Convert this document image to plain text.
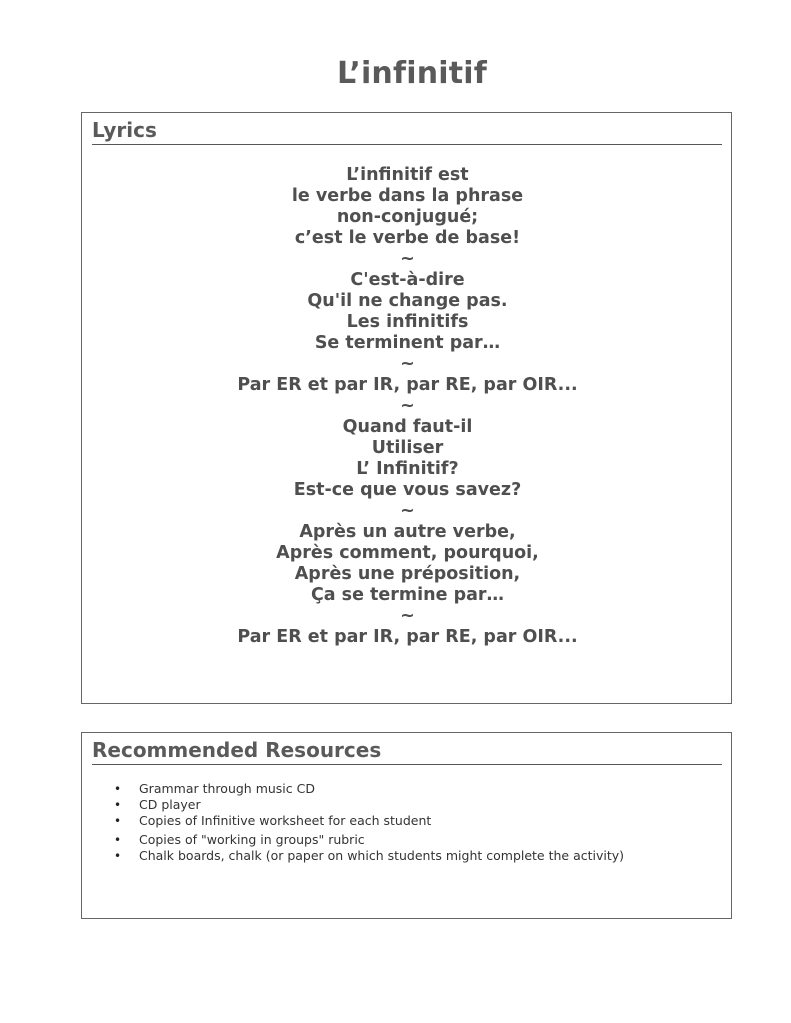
L’infinitif
Lyrics
L’infinitif est
le verbe dans la phrase
non-conjugué;
c’est le verbe de base!
~
C'est-à-dire
Qu'il ne change pas.
Les infinitifs
Se terminent par…
~
Par ER et par IR, par RE, par OIR...
~
Quand faut-il
Utiliser
L’ Infinitif?
Est-ce que vous savez?
~
Après un autre verbe,
Après comment, pourquoi,
Après une préposition,
Ça se termine par…
~
Par ER et par IR, par RE, par OIR...
Recommended Resources
• Grammar through music CD
• CD player
• Copies of Infinitive worksheet for each student
• Copies of "working in groups" rubric
• Chalk boards, chalk (or paper on which students might complete the activity)
